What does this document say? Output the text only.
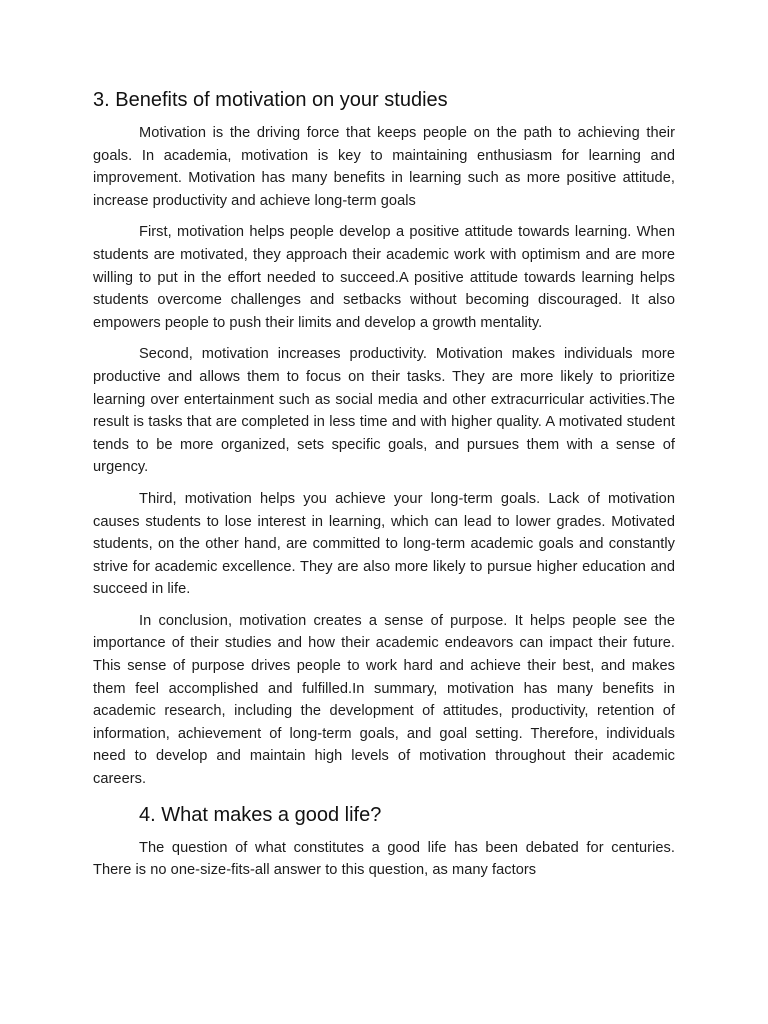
3. Benefits of motivation on your studies

Motivation is the driving force that keeps people on the path to achieving their goals. In academia, motivation is key to maintaining enthusiasm for learning and improvement. Motivation has many benefits in learning such as more positive attitude, increase productivity and achieve long-term goals

First, motivation helps people develop a positive attitude towards learning. When students are motivated, they approach their academic work with optimism and are more willing to put in the effort needed to succeed.A positive attitude towards learning helps students overcome challenges and setbacks without becoming discouraged. It also empowers people to push their limits and develop a growth mentality.

Second, motivation increases productivity. Motivation makes individuals more productive and allows them to focus on their tasks. They are more likely to prioritize learning over entertainment such as social media and other extracurricular activities.The result is tasks that are completed in less time and with higher quality. A motivated student tends to be more organized, sets specific goals, and pursues them with a sense of urgency.

Third, motivation helps you achieve your long-term goals. Lack of motivation causes students to lose interest in learning, which can lead to lower grades. Motivated students, on the other hand, are committed to long-term academic goals and constantly strive for academic excellence. They are also more likely to pursue higher education and succeed in life.

In conclusion, motivation creates a sense of purpose. It helps people see the importance of their studies and how their academic endeavors can impact their future. This sense of purpose drives people to work hard and achieve their best, and makes them feel accomplished and fulfilled.In summary, motivation has many benefits in academic research, including the development of attitudes, productivity, retention of information, achievement of long-term goals, and goal setting. Therefore, individuals need to develop and maintain high levels of motivation throughout their academic careers.

4. What makes a good life?

The question of what constitutes a good life has been debated for centuries. There is no one-size-fits-all answer to this question, as many factors
